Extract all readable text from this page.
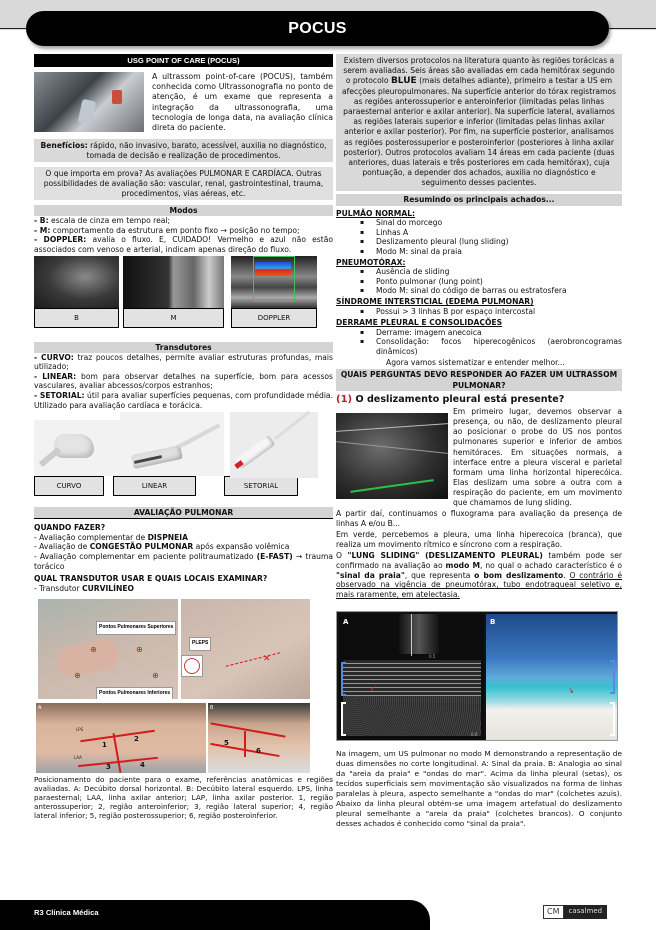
POCUS
USG POINT OF CARE (POCUS)
A ultrassom point-of-care (POCUS), também conhecida como Ultrassonografia no ponto de atenção, é um exame que representa a integração da ultrassonografia, uma tecnologia de longa data, na avaliação clínica direta do paciente.
Benefícios: rápido, não invasivo, barato, acessível, auxilia no diagnóstico, tomada de decisão e realização de procedimentos.
O que importa em prova? As avaliações PULMONAR E CARDÍACA. Outras possibilidades de avaliação são: vascular, renal, gastrointestinal, trauma, procedimentos, vias aéreas, etc.
Modos
- B: escala de cinza em tempo real;
- M: comportamento da estrutura em ponto fixo → posição no tempo;
- DOPPLER: avalia o fluxo. E, CUIDADO! Vermelho e azul não estão associados com venoso e arterial, indicam apenas direção do fluxo.
B	M	DOPPLER
Transdutores
- CURVO: traz poucos detalhes, permite avaliar estruturas profundas, mais utilizado;
- LINEAR: bom para observar detalhes na superfície, bom para acessos vasculares, avaliar abcessos/corpos estranhos;
- SETORIAL: útil para avaliar superfícies pequenas, com profundidade média. Utilizado para avaliação cardíaca e torácica.
CURVO	LINEAR	SETORIAL
AVALIAÇÃO PULMONAR
QUANDO FAZER?
- Avaliação complementar de DISPNEIA
- Avaliação de CONGESTÃO PULMONAR após expansão volêmica
- Avaliação complementar em paciente politraumatizado (E-FAST) → trauma torácico
QUAL TRANSDUTOR USAR E QUAIS LOCAIS EXAMINAR?
- Transdutor CURVILÍNEO
Pontos Pulmonares Superiores
Pontos Pulmonares Inferiores
⊕	⊕
⊕	⊕
PLEPS
✕
A
LPS
LAA
1
2
3	4
B
5
6
Posicionamento do paciente para o exame, referências anatômicas e regiões avaliadas. A: Decúbito dorsal horizontal. B: Decúbito lateral esquerdo. LPS, linha paraesternal; LAA, linha axilar anterior; LAP, linha axilar posterior. 1, região anterossuperior; 2, região anteroinferior; 3, região lateral superior; 4, região lateral inferior; 5, região posterossuperior; 6, região posteroinferior.
Existem diversos protocolos na literatura quanto às regiões torácicas a serem avaliadas. Seis áreas são avaliadas em cada hemitórax segundo o protocolo BLUE (mais detalhes adiante), primeiro a testar a US em afecções pleuropulmonares. Na superfície anterior do tórax registramos as regiões anterossuperior e anteroinferior (limitadas pelas linhas paraesternal anterior e axilar anterior). Na superfície lateral, avaliamos as regiões laterais superior e inferior (limitadas pelas linhas axilar anterior e axilar posterior). Por fim, na superfície posterior, analisamos as regiões posterossuperior e posteroinferior (posteriores à linha axilar posterior). Outros protocolos avaliam 14 áreas em cada paciente (duas anteriores, duas laterais e três posteriores em cada hemitórax), cuja pontuação, a depender dos achados, auxilia no diagnóstico e seguimento desses pacientes.
Resumindo os principais achados...
PULMÃO NORMAL:
▪ Sinal do morcego
▪ Linhas A
▪ Deslizamento pleural (lung sliding)
▪ Modo M: sinal da praia
PNEUMOTÓRAX:
▪ Ausência de sliding
▪ Ponto pulmonar (lung point)
▪ Modo M: sinal do código de barras ou estratosfera
SÍNDROME INTERSTICIAL (EDEMA PULMONAR)
▪ Possui > 3 linhas B por espaço intercostal
DERRAME PLEURAL E CONSOLIDAÇÕES
▪ Derrame: imagem anecoica
▪ Consolidação: focos hiperecogênicos (aerobroncogramas dinâmicos)
Agora vamos sistematizar e entender melhor...
QUAIS PERGUNTAS DEVO RESPONDER AO FAZER UM ULTRASSOM PULMONAR?
(1) O deslizamento pleural está presente?
Em primeiro lugar, devemos observar a presença, ou não, de deslizamento pleural ao posicionar o probe do US nos pontos pulmonares superior e inferior de ambos hemitóraces. Em situações normais, a interface entre a pleura visceral e parietal formam uma linha horizontal hiperecóica. Elas deslizam uma sobre a outra com a respiração do paciente, em um movimento que chamamos de lung sliding.
A partir daí, continuamos o fluxograma para avaliação da presença de linhas A e/ou B...
Em verde, percebemos a pleura, uma linha hiperecoica (branca), que realiza um movimento rítmico e síncrono com a respiração.
O "LUNG SLIDING" (DESLIZAMENTO PLEURAL) também pode ser confirmado na avaliação ao modo M, no qual o achado característico é o "sinal da praia", que representa o bom deslizamento. O contrário é observado na vigência de pneumotórax, tubo endotraqueal seletivo e, mais raramente, em atelectasia.
A
0.5
↓
0.0
B
↓
Na imagem, um US pulmonar no modo M demonstrando a representação de duas dimensões no corte longitudinal. A: Sinal da praia. B: Analogia ao sinal da "areia da praia" e "ondas do mar". Acima da linha pleural (setas), os tecidos superficiais sem movimentação são visualizados na forma de linhas paralelas à pleura, aspecto semelhante a "ondas do mar" (colchetes azuis). Abaixo da linha pleural obtém-se uma imagem artefatual do deslizamento pleural semelhante a "areia da praia" (colchetes brancos). O conjunto desses achados é conhecido como "sinal da praia".
R3 Clínica Médica	CM	casalmed
